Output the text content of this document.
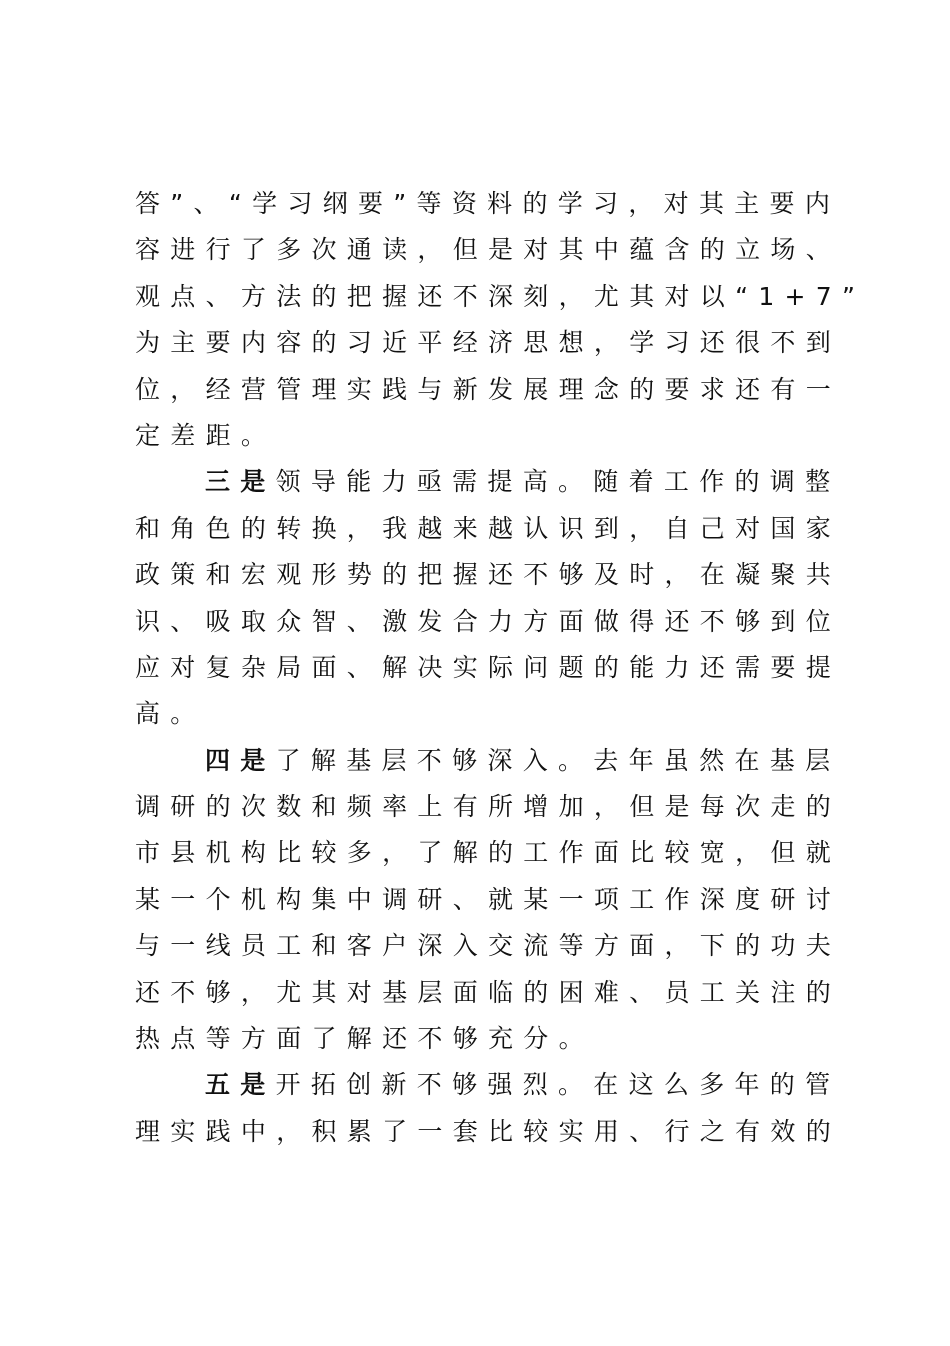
答”、“学习纲要”等资料的学习，对其主要内
容进行了多次通读，但是对其中蕴含的立场、
观点、方法的把握还不深刻，尤其对以“1+7”
为主要内容的习近平经济思想，学习还很不到
位，经营管理实践与新发展理念的要求还有一
定差距。
三是领导能力亟需提高。随着工作的调整
和角色的转换，我越来越认识到，自己对国家
政策和宏观形势的把握还不够及时，在凝聚共
识、吸取众智、激发合力方面做得还不够到位
应对复杂局面、解决实际问题的能力还需要提
高。
四是了解基层不够深入。去年虽然在基层
调研的次数和频率上有所增加，但是每次走的
市县机构比较多，了解的工作面比较宽，但就
某一个机构集中调研、就某一项工作深度研讨
与一线员工和客户深入交流等方面，下的功夫
还不够，尤其对基层面临的困难、员工关注的
热点等方面了解还不够充分。
五是开拓创新不够强烈。在这么多年的管
理实践中，积累了一套比较实用、行之有效的
